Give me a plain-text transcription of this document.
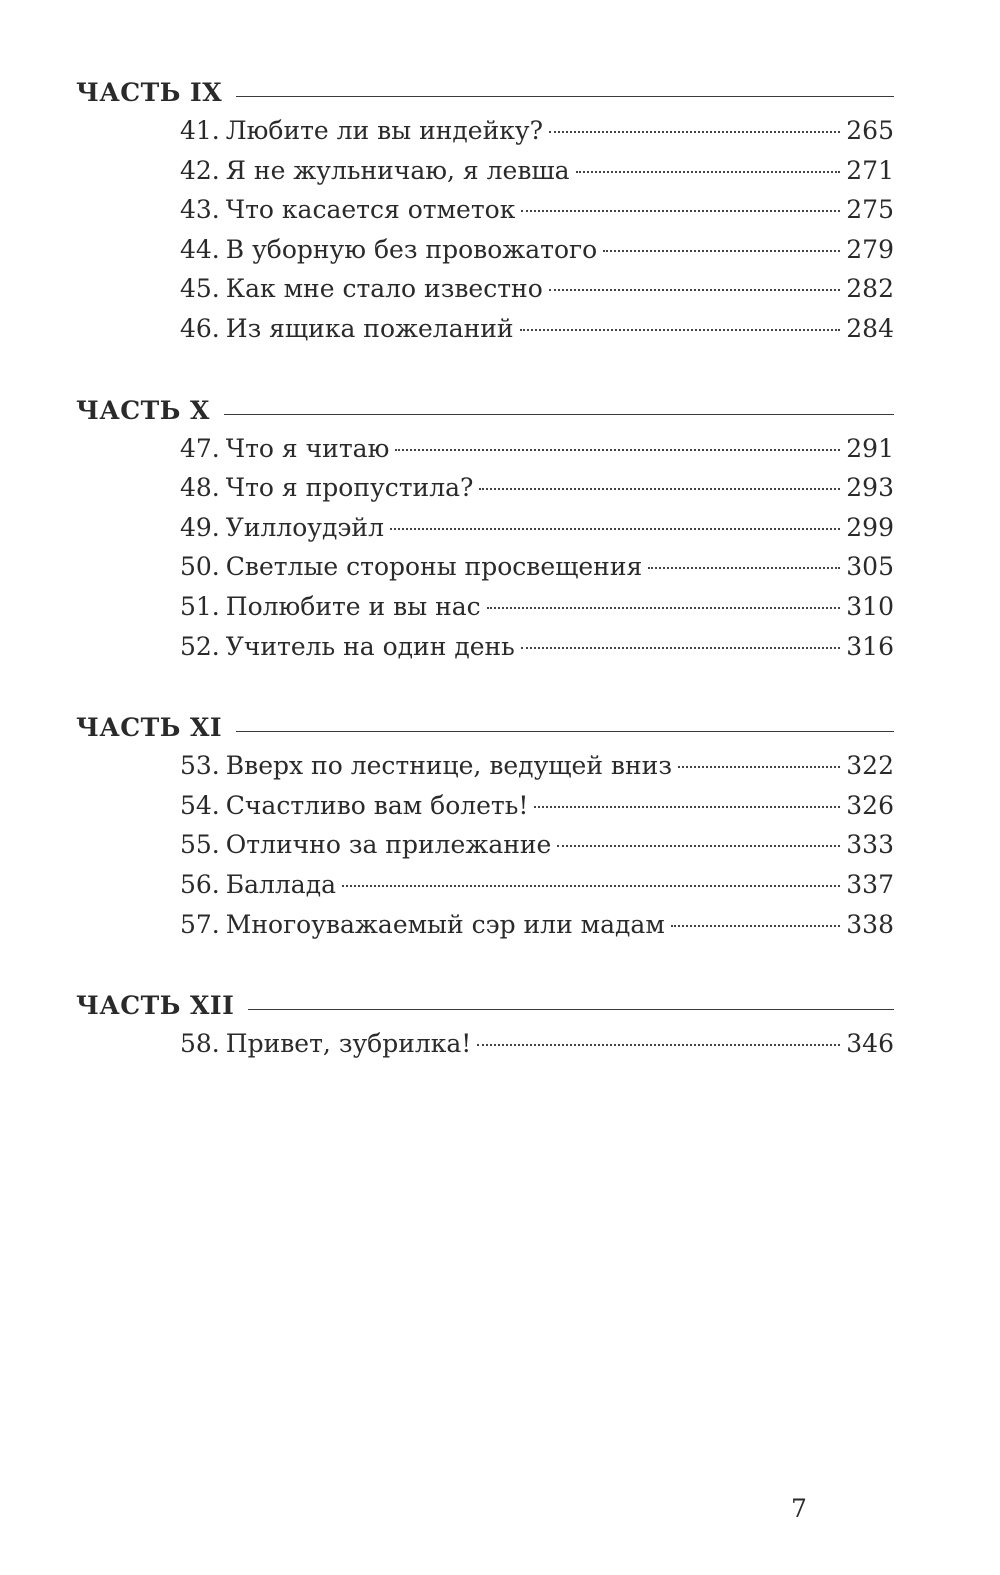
ЧАСТЬ IX
41. Любите ли вы индейку?	265
42. Я не жульничаю, я левша	271
43. Что касается отметок	275
44. В уборную без провожатого	279
45. Как мне стало известно	282
46. Из ящика пожеланий	284
ЧАСТЬ X
47. Что я читаю	291
48. Что я пропустила?	293
49. Уиллоудэйл	299
50. Светлые стороны просвещения	305
51. Полюбите и вы нас	310
52. Учитель на один день	316
ЧАСТЬ XI
53. Вверх по лестнице, ведущей вниз	322
54. Счастливо вам болеть!	326
55. Отлично за прилежание	333
56. Баллада	337
57. Многоуважаемый сэр или мадам	338
ЧАСТЬ XII
58. Привет, зубрилка!	346
7
